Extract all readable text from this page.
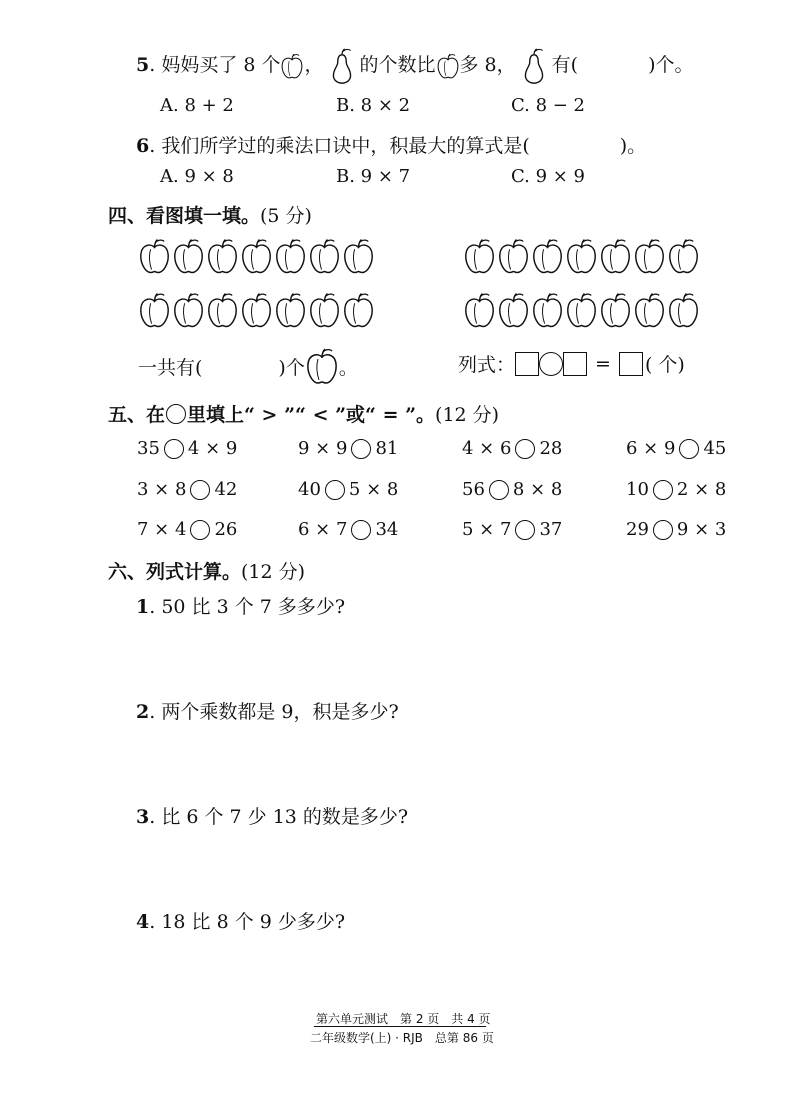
5. 妈妈买了 8 个 ， 的个数比 多 8， 有(	)个。
A. 8 + 2	B. 8 × 2	C. 8 − 2
6. 我们所学过的乘法口诀中，积最大的算式是(	)。
A. 9 × 8	B. 9 × 7	C. 9 × 9
四、看图填一填。(5 分)
一共有(	)个 。	列式：	= ( 个)
五、在 里填上“ > ”“ < ”或“ = ”。 (12 分)
35 4 × 9	9 × 9 81	4 × 6 28	6 × 9 45
3 × 8 42	40 5 × 8	56 8 × 8	10 2 × 8
7 × 4 26	6 × 7 34	5 × 7 37	29 9 × 3
六、列式计算。(12 分)
1. 50 比 3 个 7 多多少?
2. 两个乘数都是 9，积是多少?
3. 比 6 个 7 少 13 的数是多少?
4. 18 比 8 个 9 少多少?
第六单元测试　第 2 页　共 4 页
二年级数学(上) · RJB　总第 86 页
